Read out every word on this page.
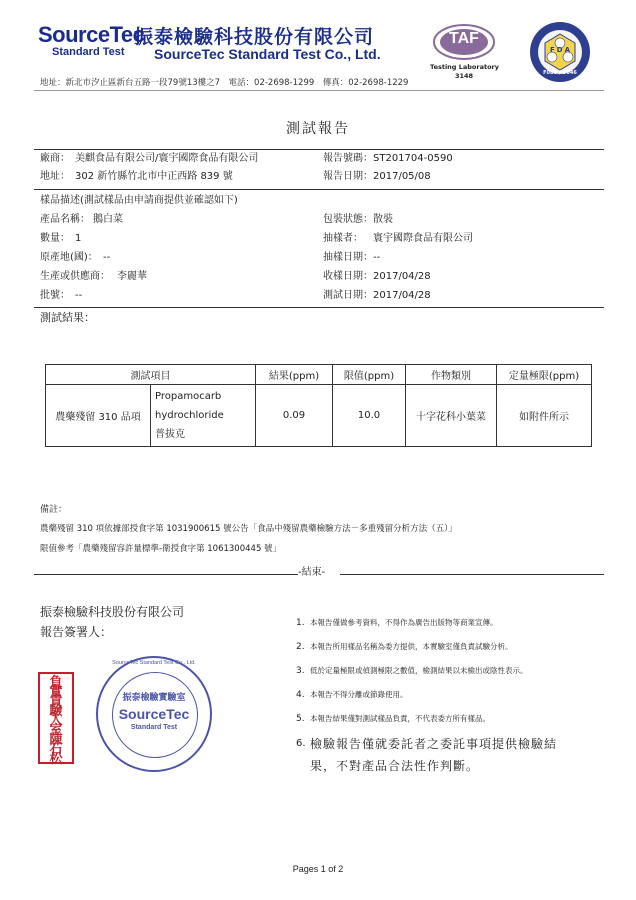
SourceTec
Standard Test
振泰檢驗科技股份有限公司
SourceTec Standard Test Co., Ltd.
地址：新北市汐止區新台五路一段79號13樓之7　電話：02-2698-1299　傳真：02-2698-1229
TAF
Testing Laboratory
3148
FDA
F083 / D046
測試報告
廠商： 美麒食品有限公司/寰宇國際食品有限公司	報告號碼： ST201704-0590
地址： 302 新竹縣竹北市中正西路 839 號	報告日期： 2017/05/08
樣品描述(測試樣品由申請商提供並確認如下)
產品名稱： 鵝白菜	包裝狀態： 散裝
數量： 1	抽樣者： 寰宇國際食品有限公司
原產地(國)： --	抽樣日期： --
生產或供應商： 李麗華	收樣日期： 2017/04/28
批號： --	測試日期： 2017/04/28
測試結果：
測試項目		結果(ppm)	限值(ppm)	作物類別	定量極限(ppm)
農藥殘留 310 品項	Propamocarb
hydrochloride
普拔克	0.09	10.0	十字花科小葉菜	如附件所示
備註：
農藥殘留 310 項依據部授食字第 1031900615 號公告「食品中殘留農藥檢驗方法－多重殘留分析方法（五）」
限值參考「農藥殘留容許量標準-衛授食字第 1061300445 號」
-結束-
振泰檢驗科技股份有限公司
報告簽署人：
負實責驗人室陳石松
SourceTec Standard Test Co., Ltd.
振泰檢驗實驗室
SourceTec
Standard Test
1. 本報告僅做參考資料，不得作為廣告出版物等商業宣傳。
2. 本報告所用樣品名稱為委方提供，本實驗室僅負責試驗分析。
3. 低於定量極限或偵測極限之數值，檢測結果以未檢出或陰性表示。
4. 本報告不得分離或節錄使用。
5. 本報告結果僅對測試樣品負責，不代表委方所有樣品。
6. 檢驗報告僅就委託者之委託事項提供檢驗結果，不對產品合法性作判斷。
Pages 1 of 2
